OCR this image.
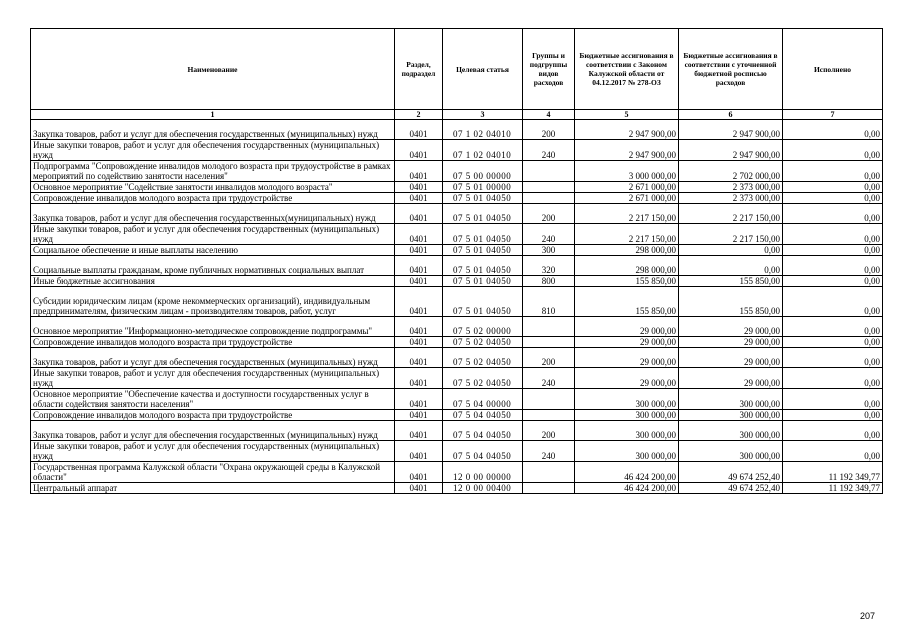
Наименование	Раздел, подраздел	Целевая статья	Группы и подгруппы видов расходов	Бюджетные ассигнования в соответствии с Законом Калужской области от 04.12.2017 № 278-ОЗ	Бюджетные ассигнования в соответствии с уточненной бюджетной росписью расходов	Исполнено
1	2	3	4	5	6	7
Закупка товаров, работ и услуг для обеспечения государственных (муниципальных) нужд	0401	07 1 02 04010	200	2 947 900,00	2 947 900,00	0,00
Иные закупки товаров, работ и услуг для обеспечения государственных (муниципальных) нужд	0401	07 1 02 04010	240	2 947 900,00	2 947 900,00	0,00
Подпрограмма "Сопровождение инвалидов молодого возраста при трудоустройстве в рамках мероприятий по содействию занятости населения"	0401	07 5 00 00000		3 000 000,00	2 702 000,00	0,00
Основное мероприятие "Содействие занятости инвалидов молодого возраста"	0401	07 5 01 00000		2 671 000,00	2 373 000,00	0,00
Сопровождение инвалидов молодого возраста при трудоустройстве	0401	07 5 01 04050		2 671 000,00	2 373 000,00	0,00
Закупка товаров, работ и услуг для обеспечения государственных(муниципальных) нужд	0401	07 5 01 04050	200	2 217 150,00	2 217 150,00	0,00
Иные закупки товаров, работ и услуг для обеспечения государственных (муниципальных) нужд	0401	07 5 01 04050	240	2 217 150,00	2 217 150,00	0,00
Социальное обеспечение и иные выплаты населению	0401	07 5 01 04050	300	298 000,00	0,00	0,00
Социальные выплаты гражданам, кроме публичных нормативных социальных выплат	0401	07 5 01 04050	320	298 000,00	0,00	0,00
Иные бюджетные ассигнования	0401	07 5 01 04050	800	155 850,00	155 850,00	0,00
Субсидии юридическим лицам (кроме некоммерческих организаций), индивидуальным предпринимателям, физическим лицам - производителям товаров, работ, услуг	0401	07 5 01 04050	810	155 850,00	155 850,00	0,00
Основное мероприятие "Информационно-методическое сопровождение подпрограммы"	0401	07 5 02 00000		29 000,00	29 000,00	0,00
Сопровождение инвалидов молодого возраста при трудоустройстве	0401	07 5 02 04050		29 000,00	29 000,00	0,00
Закупка товаров, работ и услуг для обеспечения государственных (муниципальных) нужд	0401	07 5 02 04050	200	29 000,00	29 000,00	0,00
Иные закупки товаров, работ и услуг для обеспечения государственных (муниципальных) нужд	0401	07 5 02 04050	240	29 000,00	29 000,00	0,00
Основное мероприятие "Обеспечение качества и доступности государственных услуг в области содействия занятости населения"	0401	07 5 04 00000		300 000,00	300 000,00	0,00
Сопровождение инвалидов молодого возраста при трудоустройстве	0401	07 5 04 04050		300 000,00	300 000,00	0,00
Закупка товаров, работ и услуг для обеспечения государственных (муниципальных) нужд	0401	07 5 04 04050	200	300 000,00	300 000,00	0,00
Иные закупки товаров, работ и услуг для обеспечения государственных (муниципальных) нужд	0401	07 5 04 04050	240	300 000,00	300 000,00	0,00
Государственная программа Калужской области "Охрана окружающей среды в Калужской области"	0401	12 0 00 00000		46 424 200,00	49 674 252,40	11 192 349,77
Центральный аппарат	0401	12 0 00 00400		46 424 200,00	49 674 252,40	11 192 349,77
207
